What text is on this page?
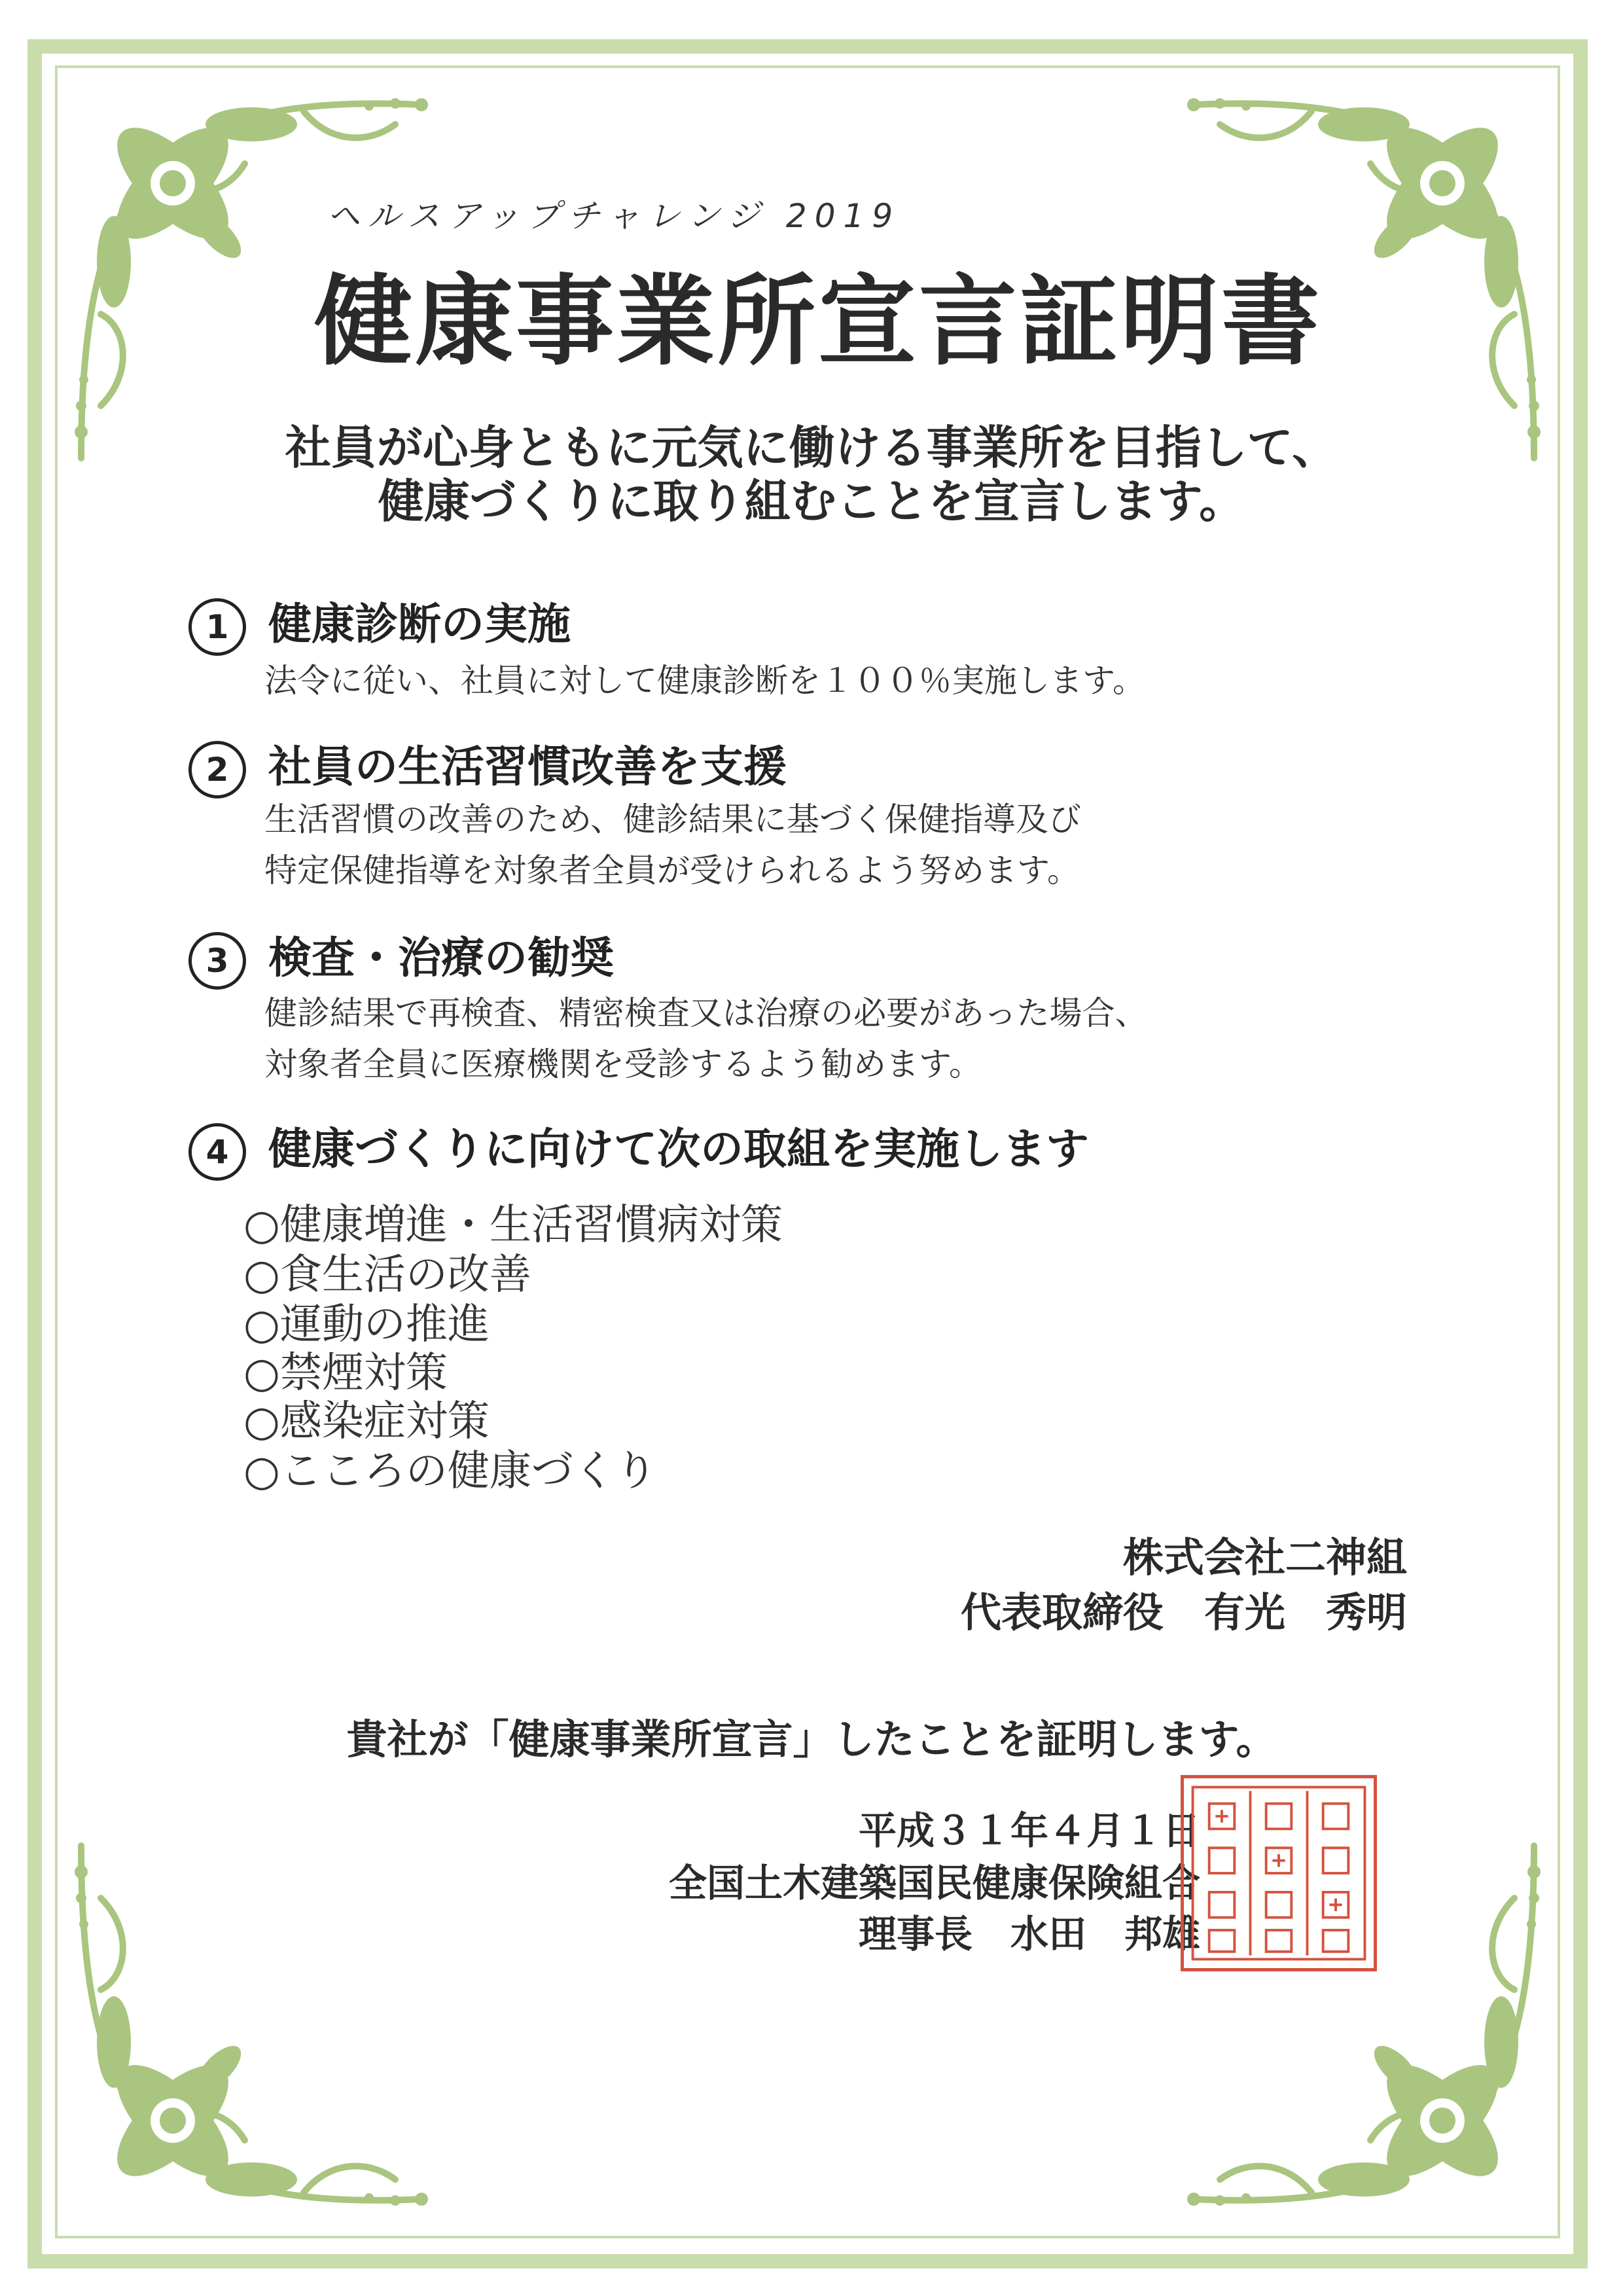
ヘルスアップチャレンジ 2019
健康事業所宣言証明書
社員が心身ともに元気に働ける事業所を目指して、
健康づくりに取り組むことを宣言します。
1 健康診断の実施
法令に従い、社員に対して健康診断を１００％実施します。
2 社員の生活習慣改善を支援
生活習慣の改善のため、健診結果に基づく保健指導及び
特定保健指導を対象者全員が受けられるよう努めます。
3 検査・治療の勧奨
健診結果で再検査、精密検査又は治療の必要があった場合、
対象者全員に医療機関を受診するよう勧めます。
4 健康づくりに向けて次の取組を実施します
○健康増進・生活習慣病対策
○食生活の改善
○運動の推進
○禁煙対策
○感染症対策
○こころの健康づくり
株式会社二神組
代表取締役　有光　秀明
貴社が「健康事業所宣言」したことを証明します。
平成３１年４月１日
全国土木建築国民健康保険組合
理事長　水田　邦雄
